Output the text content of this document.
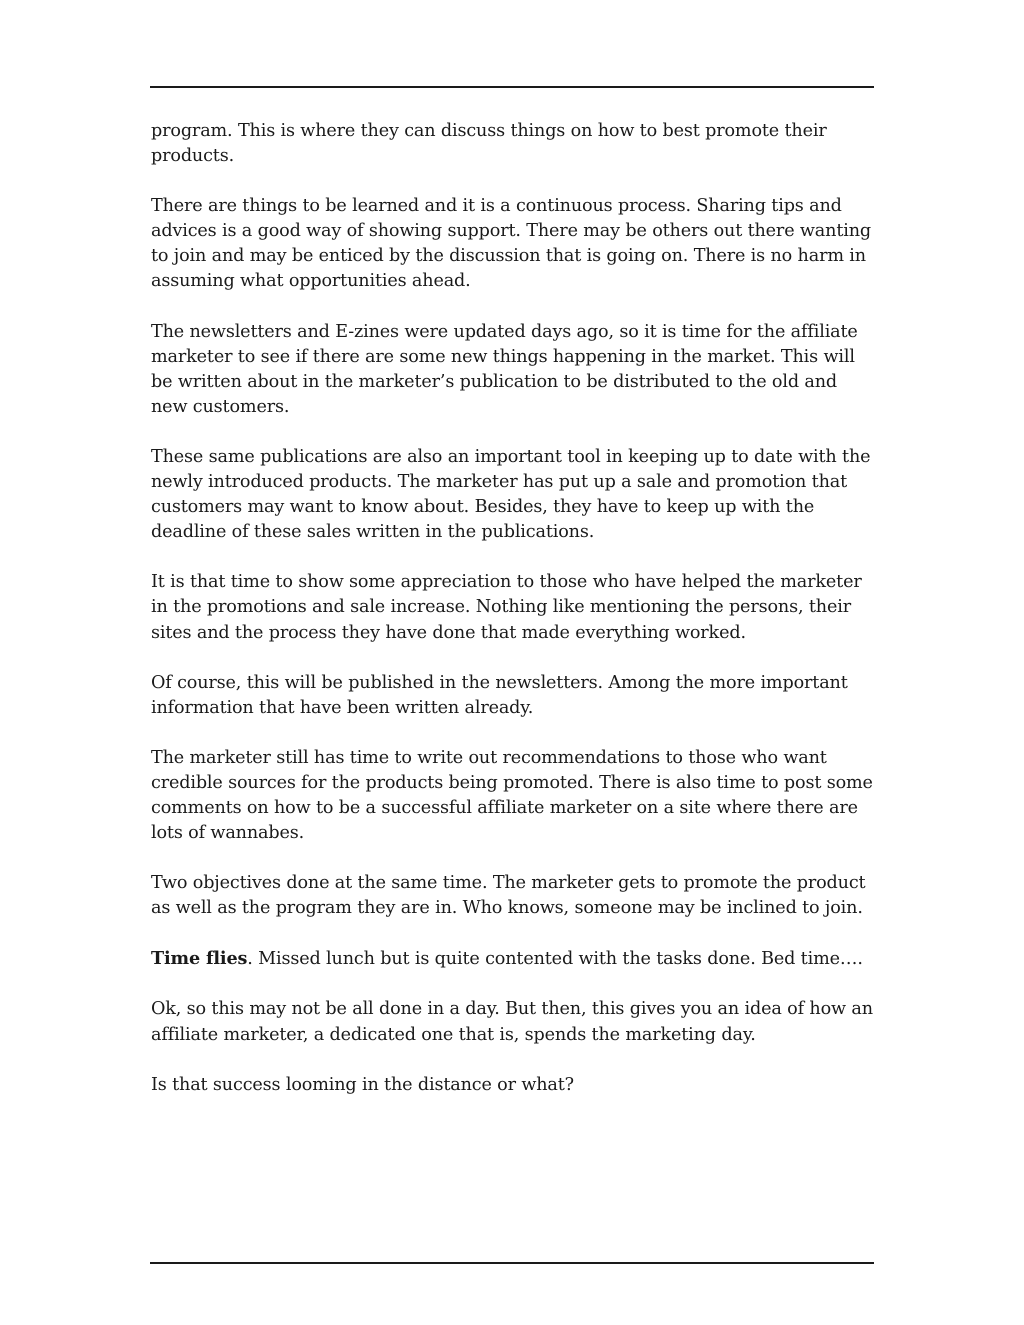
program. This is where they can discuss things on how to best promote their products.

There are things to be learned and it is a continuous process. Sharing tips and advices is a good way of showing support. There may be others out there wanting to join and may be enticed by the discussion that is going on. There is no harm in assuming what opportunities ahead.

The newsletters and E-zines were updated days ago, so it is time for the affiliate marketer to see if there are some new things happening in the market. This will be written about in the marketer’s publication to be distributed to the old and new customers.

These same publications are also an important tool in keeping up to date with the newly introduced products. The marketer has put up a sale and promotion that customers may want to know about. Besides, they have to keep up with the deadline of these sales written in the publications.

It is that time to show some appreciation to those who have helped the marketer in the promotions and sale increase. Nothing like mentioning the persons, their sites and the process they have done that made everything worked.

Of course, this will be published in the newsletters. Among the more important information that have been written already.

The marketer still has time to write out recommendations to those who want credible sources for the products being promoted. There is also time to post some comments on how to be a successful affiliate marketer on a site where there are lots of wannabes.

Two objectives done at the same time. The marketer gets to promote the product as well as the program they are in. Who knows, someone may be inclined to join.

Time flies. Missed lunch but is quite contented with the tasks done. Bed time….

Ok, so this may not be all done in a day. But then, this gives you an idea of how an affiliate marketer, a dedicated one that is, spends the marketing day.

Is that success looming in the distance or what?
